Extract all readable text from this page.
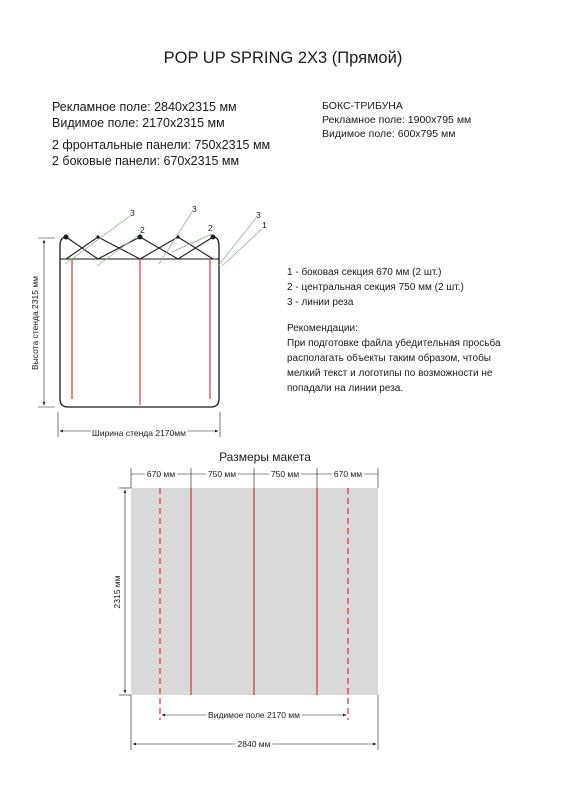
POP UP SPRING 2X3 (Прямой)
Рекламное поле: 2840x2315 мм
Видимое поле: 2170x2315 мм
2 фронтальные панели: 750x2315 мм
2 боковые панели: 670x2315 мм
БОКС-ТРИБУНА
Рекламное поле: 1900x795 мм
Видимое поле: 600x795 мм
1 - боковая секция 670 мм (2 шт.)
2 - центральная секция 750 мм (2 шт.)
3 - линии реза
Рекомендации:
При подготовке файла убедительная просьба
располагать объекты таким образом, чтобы
мелкий текст и логотипы по возможности не
попадали на линии реза.
Высота стенда 2315 мм
Ширина стенда 2170мм
3
2
3
2
3
1
Размеры макета
670 мм	750 мм	750 мм	670 мм
2315 мм
Видимое поле 2170 мм
2840 мм
